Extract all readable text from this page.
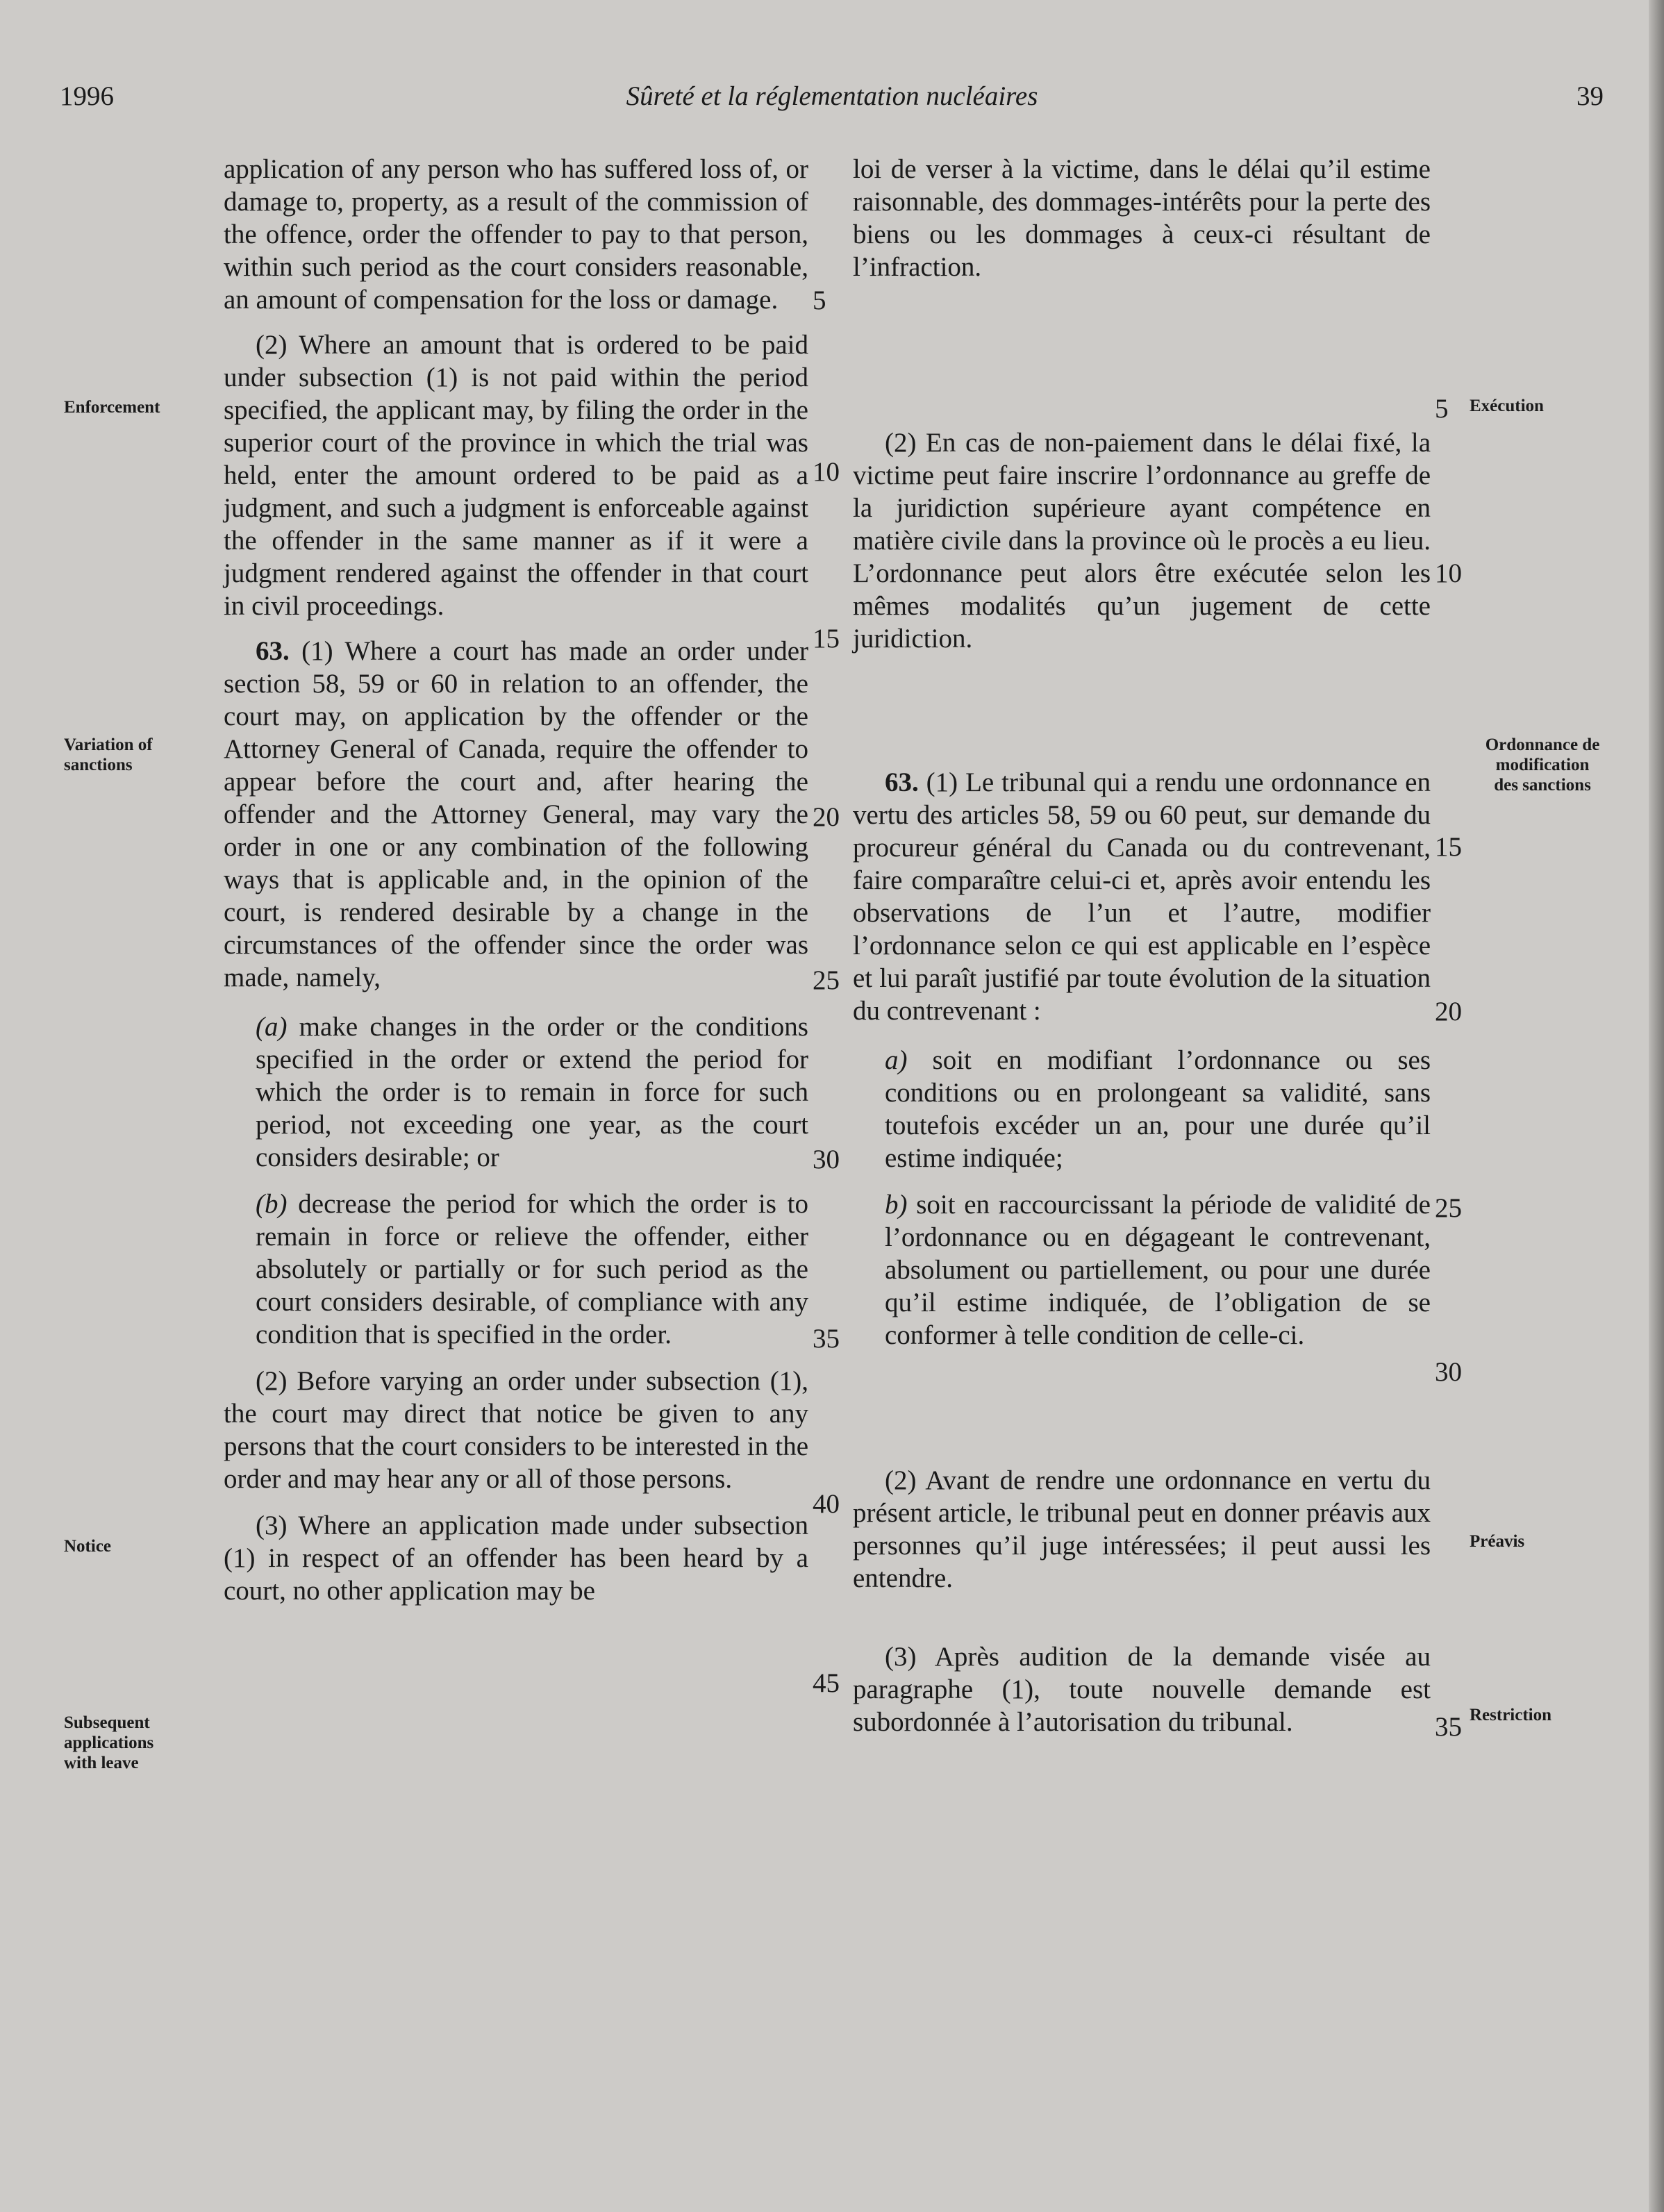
1996	Sûreté et la réglementation nucléaires	39

application of any person who has suffered loss of, or damage to, property, as a result of the commission of the offence, order the offender to pay to that person, within such period as the court considers reasonable, an amount of compensation for the loss or damage.

(2) Where an amount that is ordered to be paid under subsection (1) is not paid within the period specified, the applicant may, by filing the order in the superior court of the province in which the trial was held, enter the amount ordered to be paid as a judgment, and such a judgment is enforceable against the offender in the same manner as if it were a judgment rendered against the offender in that court in civil proceedings.

63. (1) Where a court has made an order under section 58, 59 or 60 in relation to an offender, the court may, on application by the offender or the Attorney General of Canada, require the offender to appear before the court and, after hearing the offender and the Attorney General, may vary the order in one or any combination of the following ways that is applicable and, in the opinion of the court, is rendered desirable by a change in the circumstances of the offender since the order was made, namely,

(a) make changes in the order or the conditions specified in the order or extend the period for which the order is to remain in force for such period, not exceeding one year, as the court considers desirable; or

(b) decrease the period for which the order is to remain in force or relieve the offender, either absolutely or partially or for such period as the court considers desirable, of compliance with any condition that is specified in the order.

(2) Before varying an order under subsection (1), the court may direct that notice be given to any persons that the court considers to be interested in the order and may hear any or all of those persons.

(3) Where an application made under subsection (1) in respect of an offender has been heard by a court, no other application may be

loi de verser à la victime, dans le délai qu’il estime raisonnable, des dommages-intérêts pour la perte des biens ou les dommages à ceux-ci résultant de l’infraction.

(2) En cas de non-paiement dans le délai fixé, la victime peut faire inscrire l’ordonnance au greffe de la juridiction supérieure ayant compétence en matière civile dans la province où le procès a eu lieu. L’ordonnance peut alors être exécutée selon les mêmes modalités qu’un jugement de cette juridiction.

63. (1) Le tribunal qui a rendu une ordonnance en vertu des articles 58, 59 ou 60 peut, sur demande du procureur général du Canada ou du contrevenant, faire comparaître celui-ci et, après avoir entendu les observations de l’un et l’autre, modifier l’ordonnance selon ce qui est applicable en l’espèce et lui paraît justifié par toute évolution de la situation du contrevenant :

a) soit en modifiant l’ordonnance ou ses conditions ou en prolongeant sa validité, sans toutefois excéder un an, pour une durée qu’il estime indiquée;

b) soit en raccourcissant la période de validité de l’ordonnance ou en dégageant le contrevenant, absolument ou partiellement, ou pour une durée qu’il estime indiquée, de l’obligation de se conformer à telle condition de celle-ci.

(2) Avant de rendre une ordonnance en vertu du présent article, le tribunal peut en donner préavis aux personnes qu’il juge intéressées; il peut aussi les entendre.

(3) Après audition de la demande visée au paragraphe (1), toute nouvelle demande est subordonnée à l’autorisation du tribunal.

5
10
15
20
25
30
35
40
45
5
10
15
20
25
30
35
Enforcement
Variation of
sanctions
Notice
Subsequent
applications
with leave
Exécution
Ordonnance de
modification
des sanctions
Préavis
Restriction
